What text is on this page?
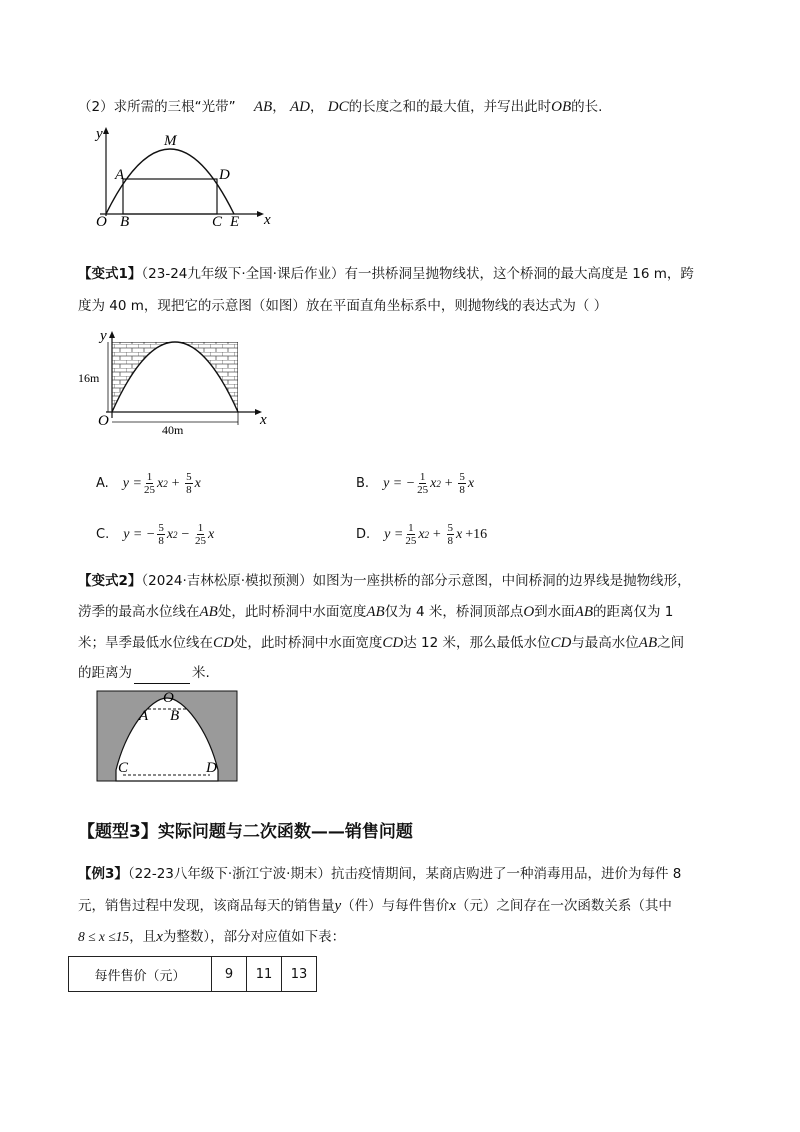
（2）求所需的三根“光带” AB， AD， DC的长度之和的最大值，并写出此时OB的长.
y
x
M
A	D
O B	C E
【变式1】（23-24九年级下·全国·课后作业）有一拱桥洞呈抛物线状，这个桥洞的最大高度是 16 m，跨
度为 40 m，现把它的示意图（如图）放在平面直角坐标系中，则抛物线的表达式为（ ）
y
x
O
16m
40m
A. $y = \frac{1}{25}$ x $2 + \frac{5}{8}$ x	B. y = − $\frac{1}{25}$ x $2 + \frac{5}{8}$ x
C. y = − $\frac{5}{8}$ x $2 - \frac{1}{25}$ x	D. $y = \frac{1}{25}$ x $2 + \frac{5}{8}$ x +16
【变式2】（2024·吉林松原·模拟预测）如图为一座拱桥的部分示意图，中间桥洞的边界线是抛物线形，
涝季的最高水位线在AB处，此时桥洞中水面宽度AB仅为 4 米，桥洞顶部点O到水面AB的距离仅为 1
米；旱季最低水位线在CD处，此时桥洞中水面宽度CD达 12 米，那么最低水位CD与最高水位AB之间
的距离为	米.
O
A B
C	D
【题型3】实际问题与二次函数——销售问题
【例3】（22-23八年级下·浙江宁波·期末）抗击疫情期间，某商店购进了一种消毒用品，进价为每件 8
元，销售过程中发现，该商品每天的销售量y（件）与每件售价x（元）之间存在一次函数关系（其中
8 ≤ x ≤15，且x为整数），部分对应值如下表：
每件售价（元）	9	11	13
